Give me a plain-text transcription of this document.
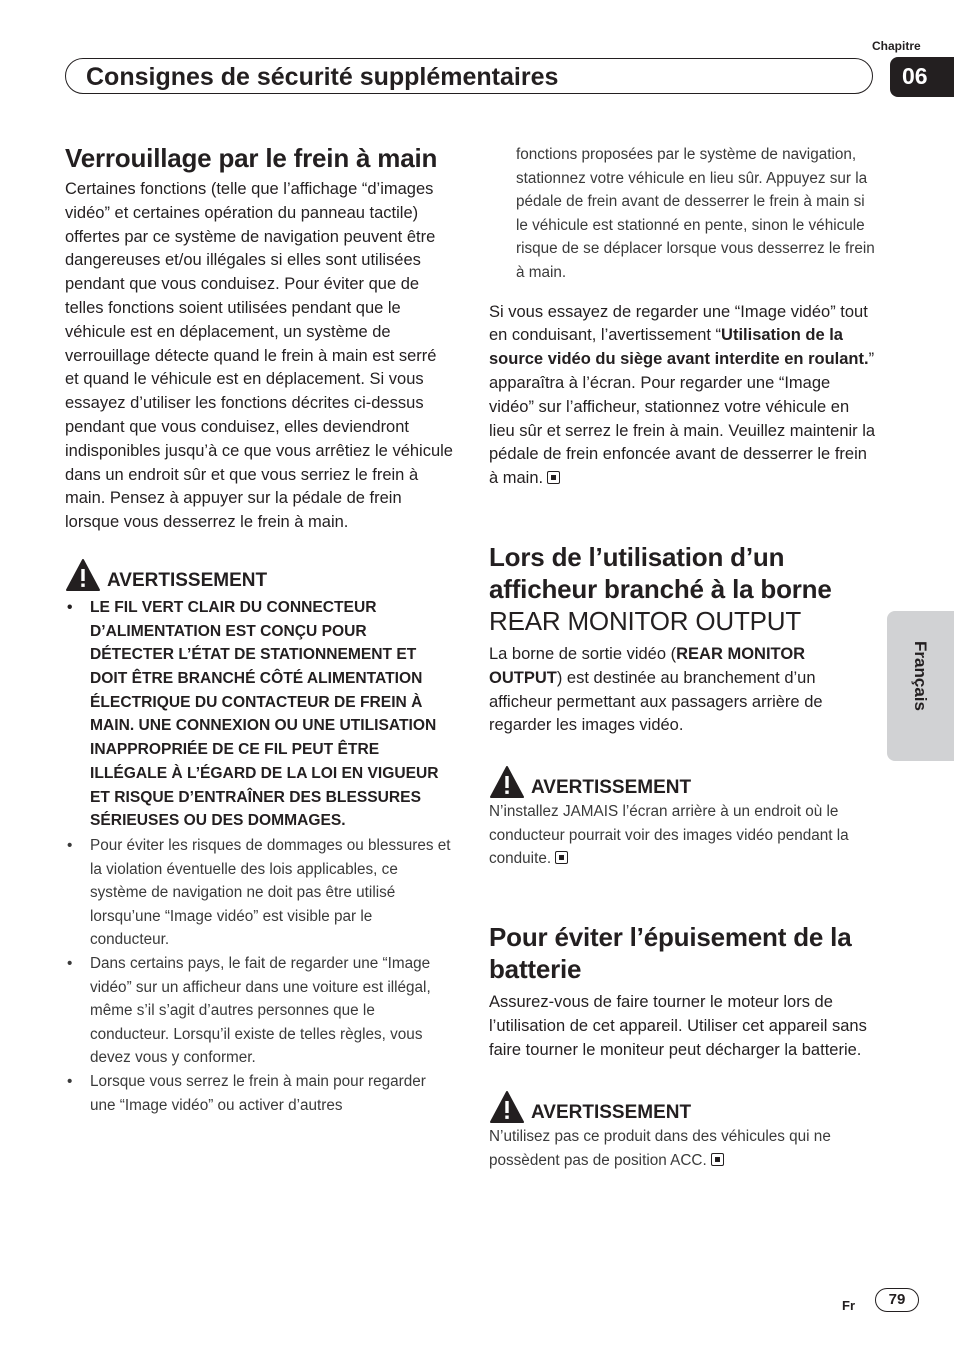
Chapitre
Consignes de sécurité supplémentaires	06
Français
Verrouillage par le frein à main

Certaines fonctions (telle que l’affichage “d’images vidéo” et certaines opération du panneau tactile) offertes par ce système de navigation peuvent être dangereuses et/ou illégales si elles sont utilisées pendant que vous conduisez. Pour éviter que de telles fonctions soient utilisées pendant que le véhicule est en déplacement, un système de verrouillage détecte quand le frein à main est serré et quand le véhicule est en déplacement. Si vous essayez d’utiliser les fonctions décrites ci-dessus pendant que vous conduisez, elles deviendront indisponibles jusqu’à ce que vous arrêtiez le véhicule dans un endroit sûr et que vous serriez le frein à main. Pensez à appuyer sur la pédale de frein lorsque vous desserrez le frein à main.

AVERTISSEMENT
• LE FIL VERT CLAIR DU CONNECTEUR D’ALIMENTATION EST CONÇU POUR DÉTECTER L’ÉTAT DE STATIONNEMENT ET DOIT ÊTRE BRANCHÉ CÔTÉ ALIMENTATION ÉLECTRIQUE DU CONTACTEUR DE FREIN À MAIN. UNE CONNEXION OU UNE UTILISATION INAPPROPRIÉE DE CE FIL PEUT ÊTRE ILLÉGALE À L’ÉGARD DE LA LOI EN VIGUEUR ET RISQUE D’ENTRAÎNER DES BLESSURES SÉRIEUSES OU DES DOMMAGES.
• Pour éviter les risques de dommages ou blessures et la violation éventuelle des lois applicables, ce système de navigation ne doit pas être utilisé lorsqu’une “Image vidéo” est visible par le conducteur.
• Dans certains pays, le fait de regarder une “Image vidéo” sur un afficheur dans une voiture est illégal, même s’il s’agit d’autres personnes que le conducteur. Lorsqu’il existe de telles règles, vous devez vous y conformer.
• Lorsque vous serrez le frein à main pour regarder une “Image vidéo” ou activer d’autres

fonctions proposées par le système de navigation, stationnez votre véhicule en lieu sûr. Appuyez sur la pédale de frein avant de desserrer le frein à main si le véhicule est stationné en pente, sinon le véhicule risque de se déplacer lorsque vous desserrez le frein à main.

Si vous essayez de regarder une “Image vidéo” tout en conduisant, l’avertissement “Utilisation de la source vidéo du siège avant interdite en roulant.” apparaîtra à l’écran. Pour regarder une “Image vidéo” sur l’afficheur, stationnez votre véhicule en lieu sûr et serrez le frein à main. Veuillez maintenir la pédale de frein enfoncée avant de desserrer le frein à main.

Lors de l’utilisation d’un afficheur branché à la borne REAR MONITOR OUTPUT

La borne de sortie vidéo (REAR MONITOR OUTPUT) est destinée au branchement d’un afficheur permettant aux passagers arrière de regarder les images vidéo.

AVERTISSEMENT

N’installez JAMAIS l’écran arrière à un endroit où le conducteur pourrait voir des images vidéo pendant la conduite.

Pour éviter l’épuisement de la batterie

Assurez-vous de faire tourner le moteur lors de l’utilisation de cet appareil. Utiliser cet appareil sans faire tourner le moniteur peut décharger la batterie.

AVERTISSEMENT

N’utilisez pas ce produit dans des véhicules qui ne possèdent pas de position ACC.

Fr	79
